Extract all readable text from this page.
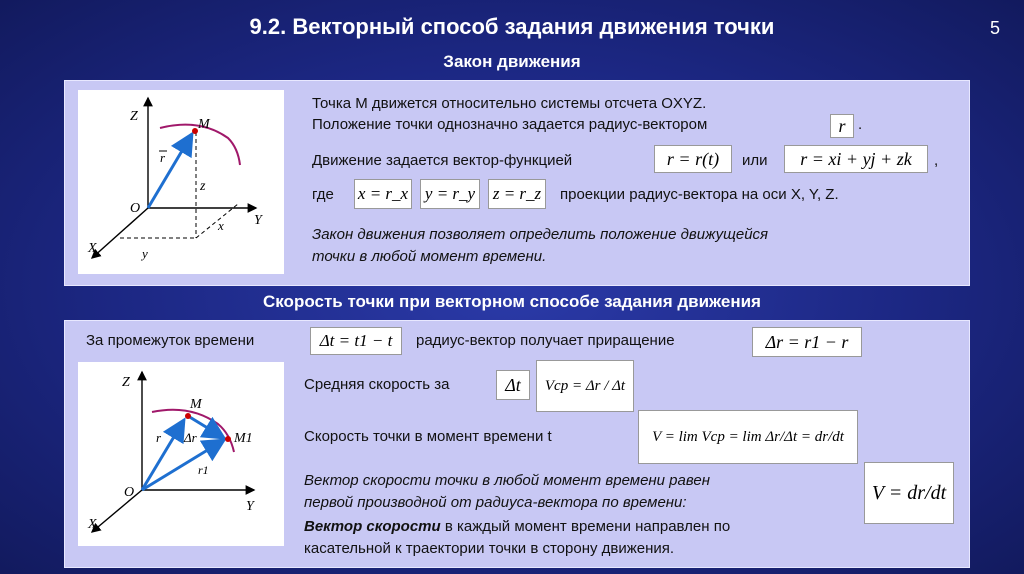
9.2. Векторный способ задания движения точки	5
Закон движения
Z
Y
X
O
M
r
z
x
y
Точка М движется относительно системы отсчета OXYZ.
Положение точки однозначно задается радиус-вектором	r .
Движение задается вектор-функцией	r = r(t)	или	r = xi + yj + zk	,
где x = r_x y = r_y z = r_z	проекции радиус-вектора на оси X, Y, Z.
Закон движения позволяет определить положение движущейся
точки в любой момент времени.
Скорость точки при векторном способе задания движения
За промежуток времени	Δt = t1 − t	радиус-вектор получает приращение	Δr = r1 − r
Z
Y
X
O
M
M1
r Δr
r1
Средняя скорость за	Δt	Vcp = Δr / Δt
Скорость точки в момент времени t	V = lim Vcp = lim Δr/Δt = dr/dt
Вектор скорости точки в любой момент времени равен
первой производной от радиуса-вектора по времени:
Вектор скорости в каждый момент времени направлен по
касательной к траектории точки в сторону движения.
V = dr/dt
